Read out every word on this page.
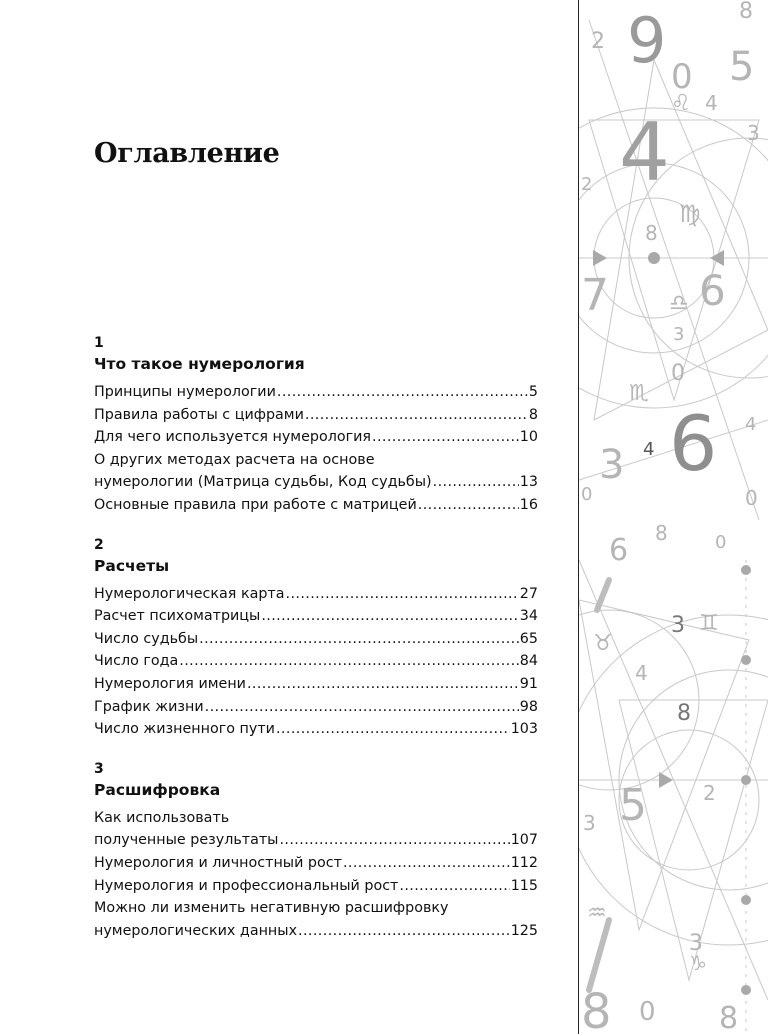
Оглавление
1
Что такое нумерология
Принципы нумерологии .....	5
Правила работы с цифрами .....	8
Для чего используется нумерология .....	10
О других методах расчета на основе
нумерологии (Матрица судьбы, Код судьбы) .....	13
Основные правила при работе с матрицей .....	16
2
Расчеты
Нумерологическая карта .....	27
Расчет психоматрицы .....	34
Число судьбы .....	65
Число года .....	84
Нумерология имени .....	91
График жизни .....	98
Число жизненного пути .....	103
3
Расшифровка
Как использовать
полученные результаты .....	107
Нумерология и личностный рост .....	112
Нумерология и профессиональный рост .....	115
Можно ли изменить негативную расшифровку
нумерологических данных .....	125
9
2
0 5
4
4
3
♌
♍
2
8
6
7	♎
♏
0
3
6
4
3
4
0
0
6 8	0
♊
♉
3
4
8
5
3
2
♒
3
♑
8 0 8
8
